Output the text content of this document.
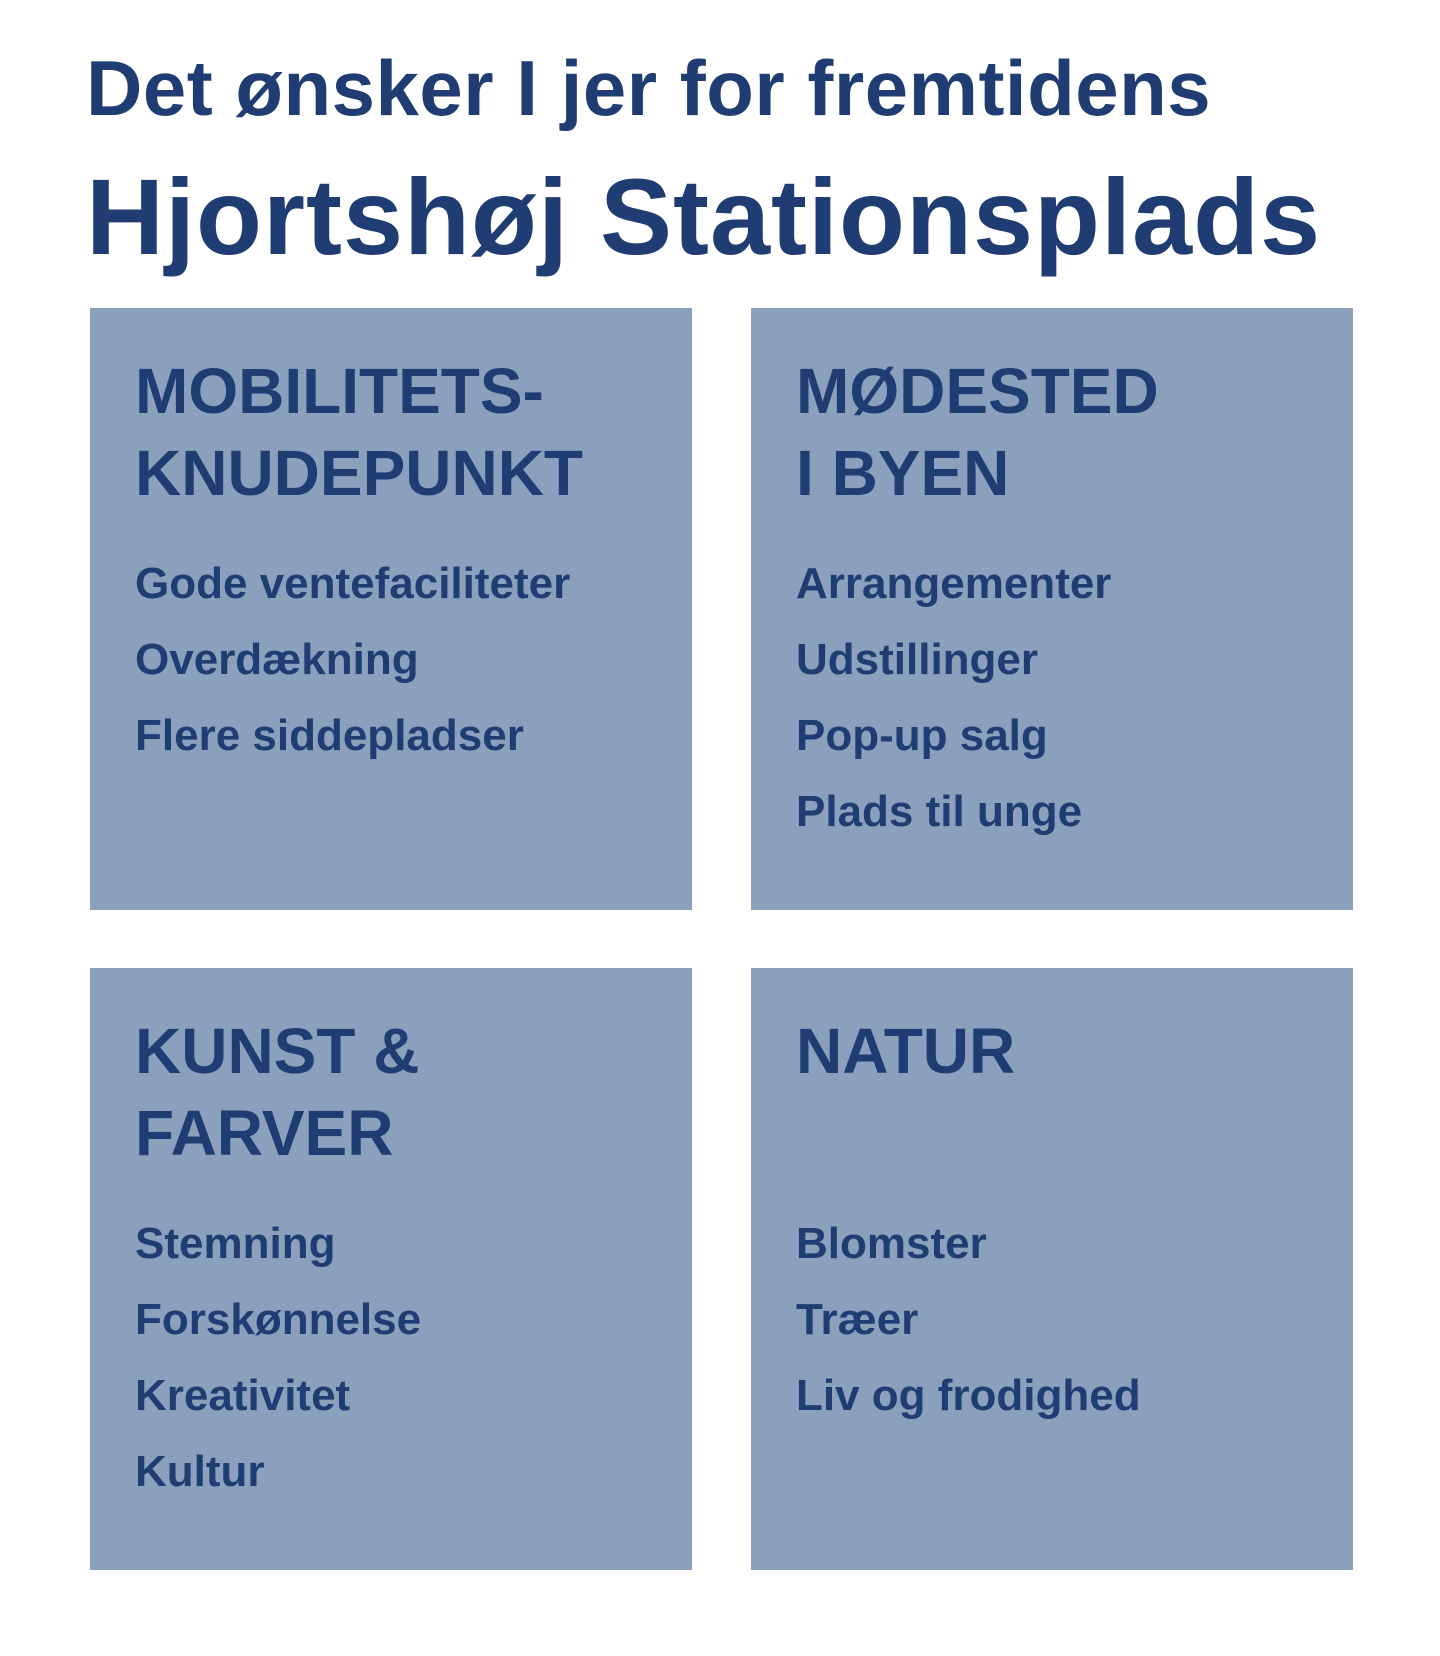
Det ønsker I jer for fremtidens
Hjortshøj Stationsplads
MOBILITETS-
KNUDEPUNKT
Gode ventefaciliteter
Overdækning
Flere siddepladser
MØDESTED
I BYEN
Arrangementer
Udstillinger
Pop-up salg
Plads til unge
KUNST &
FARVER
Stemning
Forskønnelse
Kreativitet
Kultur
NATUR

Blomster
Træer
Liv og frodighed
